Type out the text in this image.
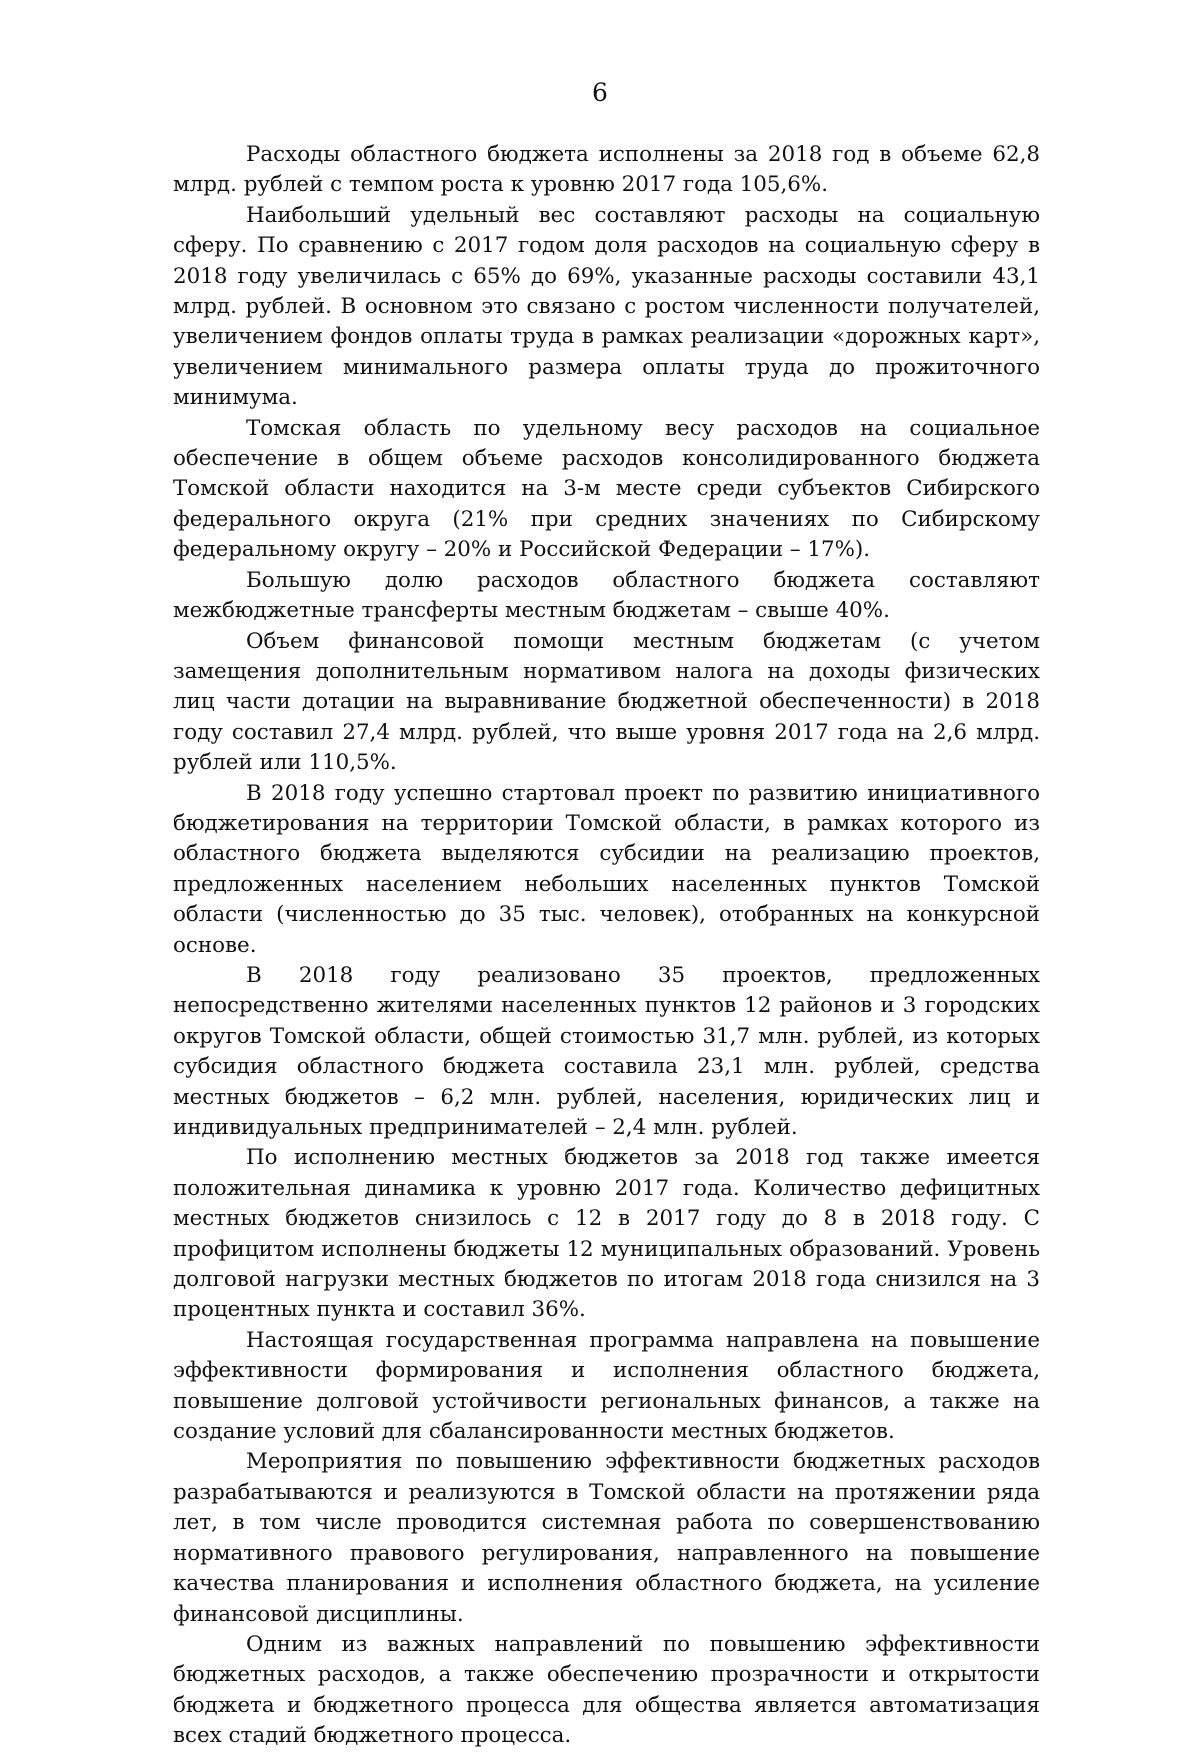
6

Расходы областного бюджета исполнены за 2018 год в объеме 62,8 млрд. рублей с темпом роста к уровню 2017 года 105,6%.

Наибольший удельный вес составляют расходы на социальную сферу. По сравнению с 2017 годом доля расходов на социальную сферу в 2018 году увеличилась с 65% до 69%, указанные расходы составили 43,1 млрд. рублей. В основном это связано с ростом численности получателей, увеличением фондов оплаты труда в рамках реализации «дорожных карт», увеличением минимального размера оплаты труда до прожиточного минимума.

Томская область по удельному весу расходов на социальное обеспечение в общем объеме расходов консолидированного бюджета Томской области находится на 3-м месте среди субъектов Сибирского федерального округа (21% при средних значениях по Сибирскому федеральному округу – 20% и Российской Федерации – 17%).

Большую долю расходов областного бюджета составляют межбюджетные трансферты местным бюджетам – свыше 40%.

Объем финансовой помощи местным бюджетам (с учетом замещения дополнительным нормативом налога на доходы физических лиц части дотации на выравнивание бюджетной обеспеченности) в 2018 году составил 27,4 млрд. рублей, что выше уровня 2017 года на 2,6 млрд. рублей или 110,5%.

В 2018 году успешно стартовал проект по развитию инициативного бюджетирования на территории Томской области, в рамках которого из областного бюджета выделяются субсидии на реализацию проектов, предложенных населением небольших населенных пунктов Томской области (численностью до 35 тыс. человек), отобранных на конкурсной основе.

В 2018 году реализовано 35 проектов, предложенных непосредственно жителями населенных пунктов 12 районов и 3 городских округов Томской области, общей стоимостью 31,7 млн. рублей, из которых субсидия областного бюджета составила 23,1 млн. рублей, средства местных бюджетов – 6,2 млн. рублей, населения, юридических лиц и индивидуальных предпринимателей – 2,4 млн. рублей.

По исполнению местных бюджетов за 2018 год также имеется положительная динамика к уровню 2017 года. Количество дефицитных местных бюджетов снизилось с 12 в 2017 году до 8 в 2018 году. С профицитом исполнены бюджеты 12 муниципальных образований. Уровень долговой нагрузки местных бюджетов по итогам 2018 года снизился на 3 процентных пункта и составил 36%.

Настоящая государственная программа направлена на повышение эффективности формирования и исполнения областного бюджета, повышение долговой устойчивости региональных финансов, а также на создание условий для сбалансированности местных бюджетов.

Мероприятия по повышению эффективности бюджетных расходов разрабатываются и реализуются в Томской области на протяжении ряда лет, в том числе проводится системная работа по совершенствованию нормативного правового регулирования, направленного на повышение качества планирования и исполнения областного бюджета, на усиление финансовой дисциплины.

Одним из важных направлений по повышению эффективности бюджетных расходов, а также обеспечению прозрачности и открытости бюджета и бюджетного процесса для общества является автоматизация всех стадий бюджетного процесса.
